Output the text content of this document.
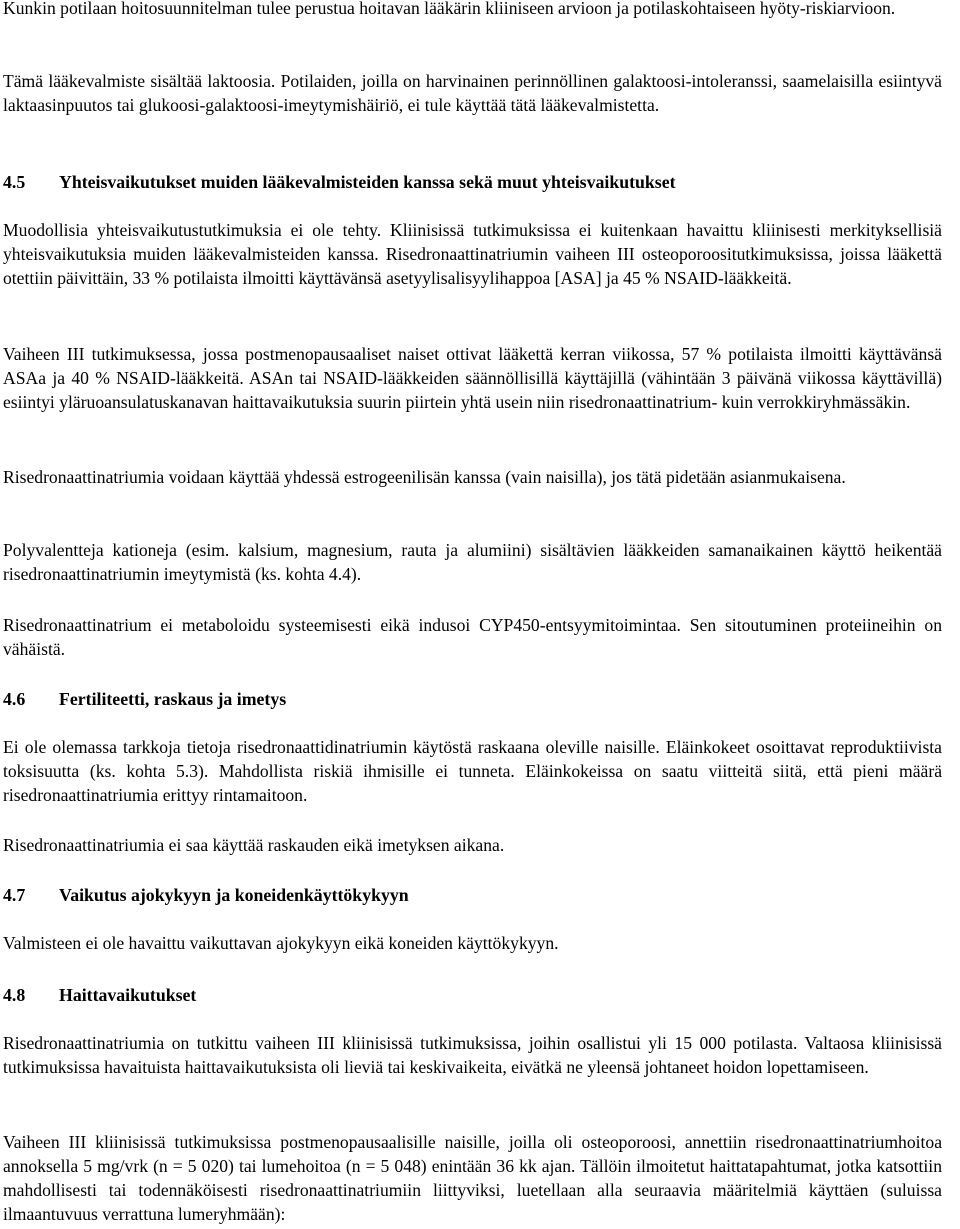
Kunkin potilaan hoitosuunnitelman tulee perustua hoitavan lääkärin kliiniseen arvioon ja potilaskohtaiseen hyöty-riskiarvioon.

Tämä lääkevalmiste sisältää laktoosia. Potilaiden, joilla on harvinainen perinnöllinen galaktoosi-intoleranssi, saamelaisilla esiintyvä laktaasinpuutos tai glukoosi-galaktoosi-imeytymishäiriö, ei tule käyttää tätä lääkevalmistetta.

4.5	Yhteisvaikutukset muiden lääkevalmisteiden kanssa sekä muut yhteisvaikutukset

Muodollisia yhteisvaikutustutkimuksia ei ole tehty. Kliinisissä tutkimuksissa ei kuitenkaan havaittu kliinisesti merkityksellisiä yhteisvaikutuksia muiden lääkevalmisteiden kanssa. Risedronaattinatriumin vaiheen III osteoporoositutkimuksissa, joissa lääkettä otettiin päivittäin, 33 % potilaista ilmoitti käyttävänsä asetyylisalisyylihappoa [ASA] ja 45 % NSAID-lääkkeitä.

Vaiheen III tutkimuksessa, jossa postmenopausaaliset naiset ottivat lääkettä kerran viikossa, 57 % potilaista ilmoitti käyttävänsä ASAa ja 40 % NSAID-lääkkeitä. ASAn tai NSAID-lääkkeiden säännöllisillä käyttäjillä (vähintään 3 päivänä viikossa käyttävillä) esiintyi yläruoansulatuskanavan haittavaikutuksia suurin piirtein yhtä usein niin risedronaattinatrium- kuin verrokkiryhmässäkin.

Risedronaattinatriumia voidaan käyttää yhdessä estrogeenilisän kanssa (vain naisilla), jos tätä pidetään asianmukaisena.

Polyvalentteja kationeja (esim. kalsium, magnesium, rauta ja alumiini) sisältävien lääkkeiden samanaikainen käyttö heikentää risedronaattinatriumin imeytymistä (ks. kohta 4.4).

Risedronaattinatrium ei metaboloidu systeemisesti eikä indusoi CYP450-entsyymitoimintaa. Sen sitoutuminen proteiineihin on vähäistä.

4.6	Fertiliteetti, raskaus ja imetys

Ei ole olemassa tarkkoja tietoja risedronaattidinatriumin käytöstä raskaana oleville naisille. Eläinkokeet osoittavat reproduktiivista toksisuutta (ks. kohta 5.3). Mahdollista riskiä ihmisille ei tunneta. Eläinkokeissa on saatu viitteitä siitä, että pieni määrä risedronaattinatriumia erittyy rintamaitoon.

Risedronaattinatriumia ei saa käyttää raskauden eikä imetyksen aikana.

4.7	Vaikutus ajokykyyn ja koneidenkäyttökykyyn

Valmisteen ei ole havaittu vaikuttavan ajokykyyn eikä koneiden käyttökykyyn.

4.8	Haittavaikutukset

Risedronaattinatriumia on tutkittu vaiheen III kliinisissä tutkimuksissa, joihin osallistui yli 15 000 potilasta. Valtaosa kliinisissä tutkimuksissa havaituista haittavaikutuksista oli lieviä tai keskivaikeita, eivätkä ne yleensä johtaneet hoidon lopettamiseen.

Vaiheen III kliinisissä tutkimuksissa postmenopausaalisille naisille, joilla oli osteoporoosi, annettiin risedronaattinatriumhoitoa annoksella 5 mg/vrk (n = 5 020) tai lumehoitoa (n = 5 048) enintään 36 kk ajan. Tällöin ilmoitetut haittatapahtumat, jotka katsottiin mahdollisesti tai todennäköisesti risedronaattinatriumiin liittyviksi, luetellaan alla seuraavia määritelmiä käyttäen (suluissa ilmaantuvuus verrattuna lumeryhmään):
